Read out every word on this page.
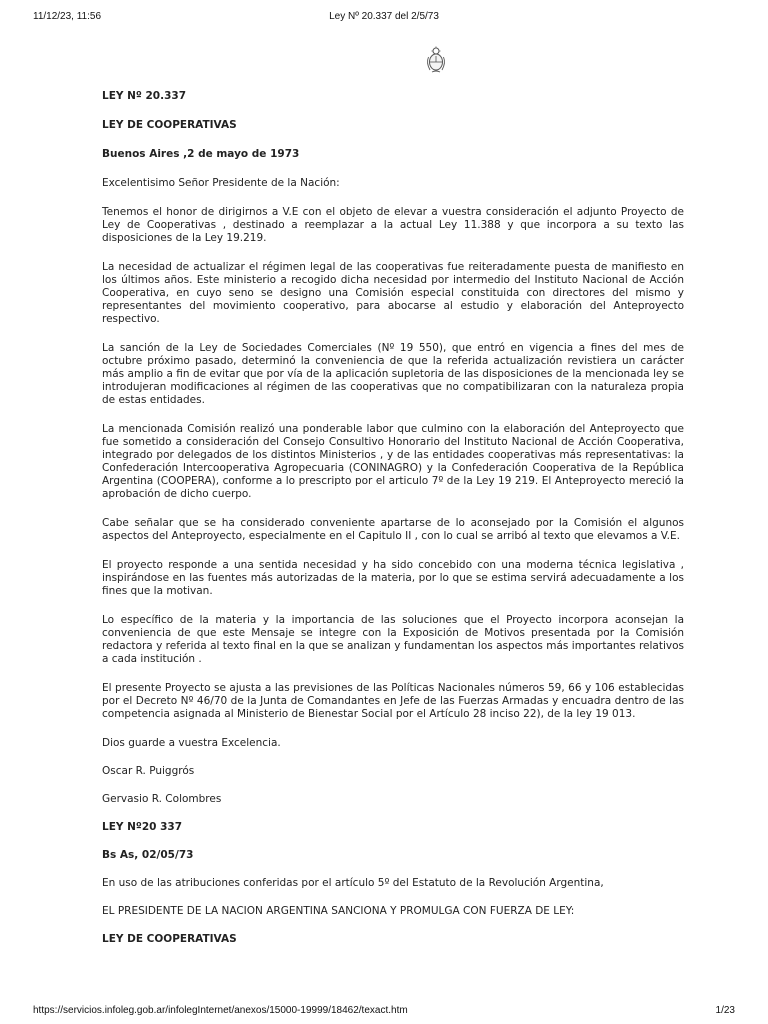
11/12/23, 11:56	Ley Nº 20.337 del 2/5/73

LEY Nº 20.337

LEY DE COOPERATIVAS

Buenos Aires ,2 de mayo de 1973

Excelentisimo Señor Presidente de la Nación:

Tenemos el honor de dirigirnos a V.E con el objeto de elevar a vuestra consideración el adjunto Proyecto de Ley de Cooperativas , destinado a reemplazar a la actual Ley 11.388 y que incorpora a su texto las disposiciones de la Ley 19.219.

La necesidad de actualizar el régimen legal de las cooperativas fue reiteradamente puesta de manifiesto en los últimos años. Este ministerio a recogido dicha necesidad por intermedio del Instituto Nacional de Acción Cooperativa, en cuyo seno se designo una Comisión especial constituida con directores del mismo y representantes del movimiento cooperativo, para abocarse al estudio y elaboración del Anteproyecto respectivo.

La sanción de la Ley de Sociedades Comerciales (Nº 19 550), que entró en vigencia a fines del mes de octubre próximo pasado, determinó la conveniencia de que la referida actualización revistiera un carácter más amplio a fin de evitar que por vía de la aplicación supletoria de las disposiciones de la mencionada ley se introdujeran modificaciones al régimen de las cooperativas que no compatibilizaran con la naturaleza propia de estas entidades.

La mencionada Comisión realizó una ponderable labor que culmino con la elaboración del Anteproyecto que fue sometido a consideración del Consejo Consultivo Honorario del Instituto Nacional de Acción Cooperativa, integrado por delegados de los distintos Ministerios , y de las entidades cooperativas más representativas: la Confederación Intercooperativa Agropecuaria (CONINAGRO) y la Confederación Cooperativa de la República Argentina (COOPERA), conforme a lo prescripto por el articulo 7º de la Ley 19 219. El Anteproyecto mereció la aprobación de dicho cuerpo.

Cabe señalar que se ha considerado conveniente apartarse de lo aconsejado por la Comisión el algunos aspectos del Anteproyecto, especialmente en el Capitulo II , con lo cual se arribó al texto que elevamos a V.E.

El proyecto responde a una sentida necesidad y ha sido concebido con una moderna técnica legislativa , inspirándose en las fuentes más autorizadas de la materia, por lo que se estima servirá adecuadamente a los fines que la motivan.

Lo específico de la materia y la importancia de las soluciones que el Proyecto incorpora aconsejan la conveniencia de que este Mensaje se integre con la Exposición de Motivos presentada por la Comisión redactora y referida al texto final en la que se analizan y fundamentan los aspectos más importantes relativos a cada institución .

El presente Proyecto se ajusta a las previsiones de las Políticas Nacionales números 59, 66 y 106 establecidas por el Decreto Nº 46/70 de la Junta de Comandantes en Jefe de las Fuerzas Armadas y encuadra dentro de las competencia asignada al Ministerio de Bienestar Social por el Artículo 28 inciso 22), de la ley 19 013.

Dios guarde a vuestra Excelencia.

Oscar R. Puiggrós

Gervasio R. Colombres

LEY Nº20 337

Bs As, 02/05/73

En uso de las atribuciones conferidas por el artículo 5º del Estatuto de la Revolución Argentina,

EL PRESIDENTE DE LA NACION ARGENTINA SANCIONA Y PROMULGA CON FUERZA DE LEY:

LEY DE COOPERATIVAS

https://servicios.infoleg.gob.ar/infolegInternet/anexos/15000-19999/18462/texact.htm	1/23
